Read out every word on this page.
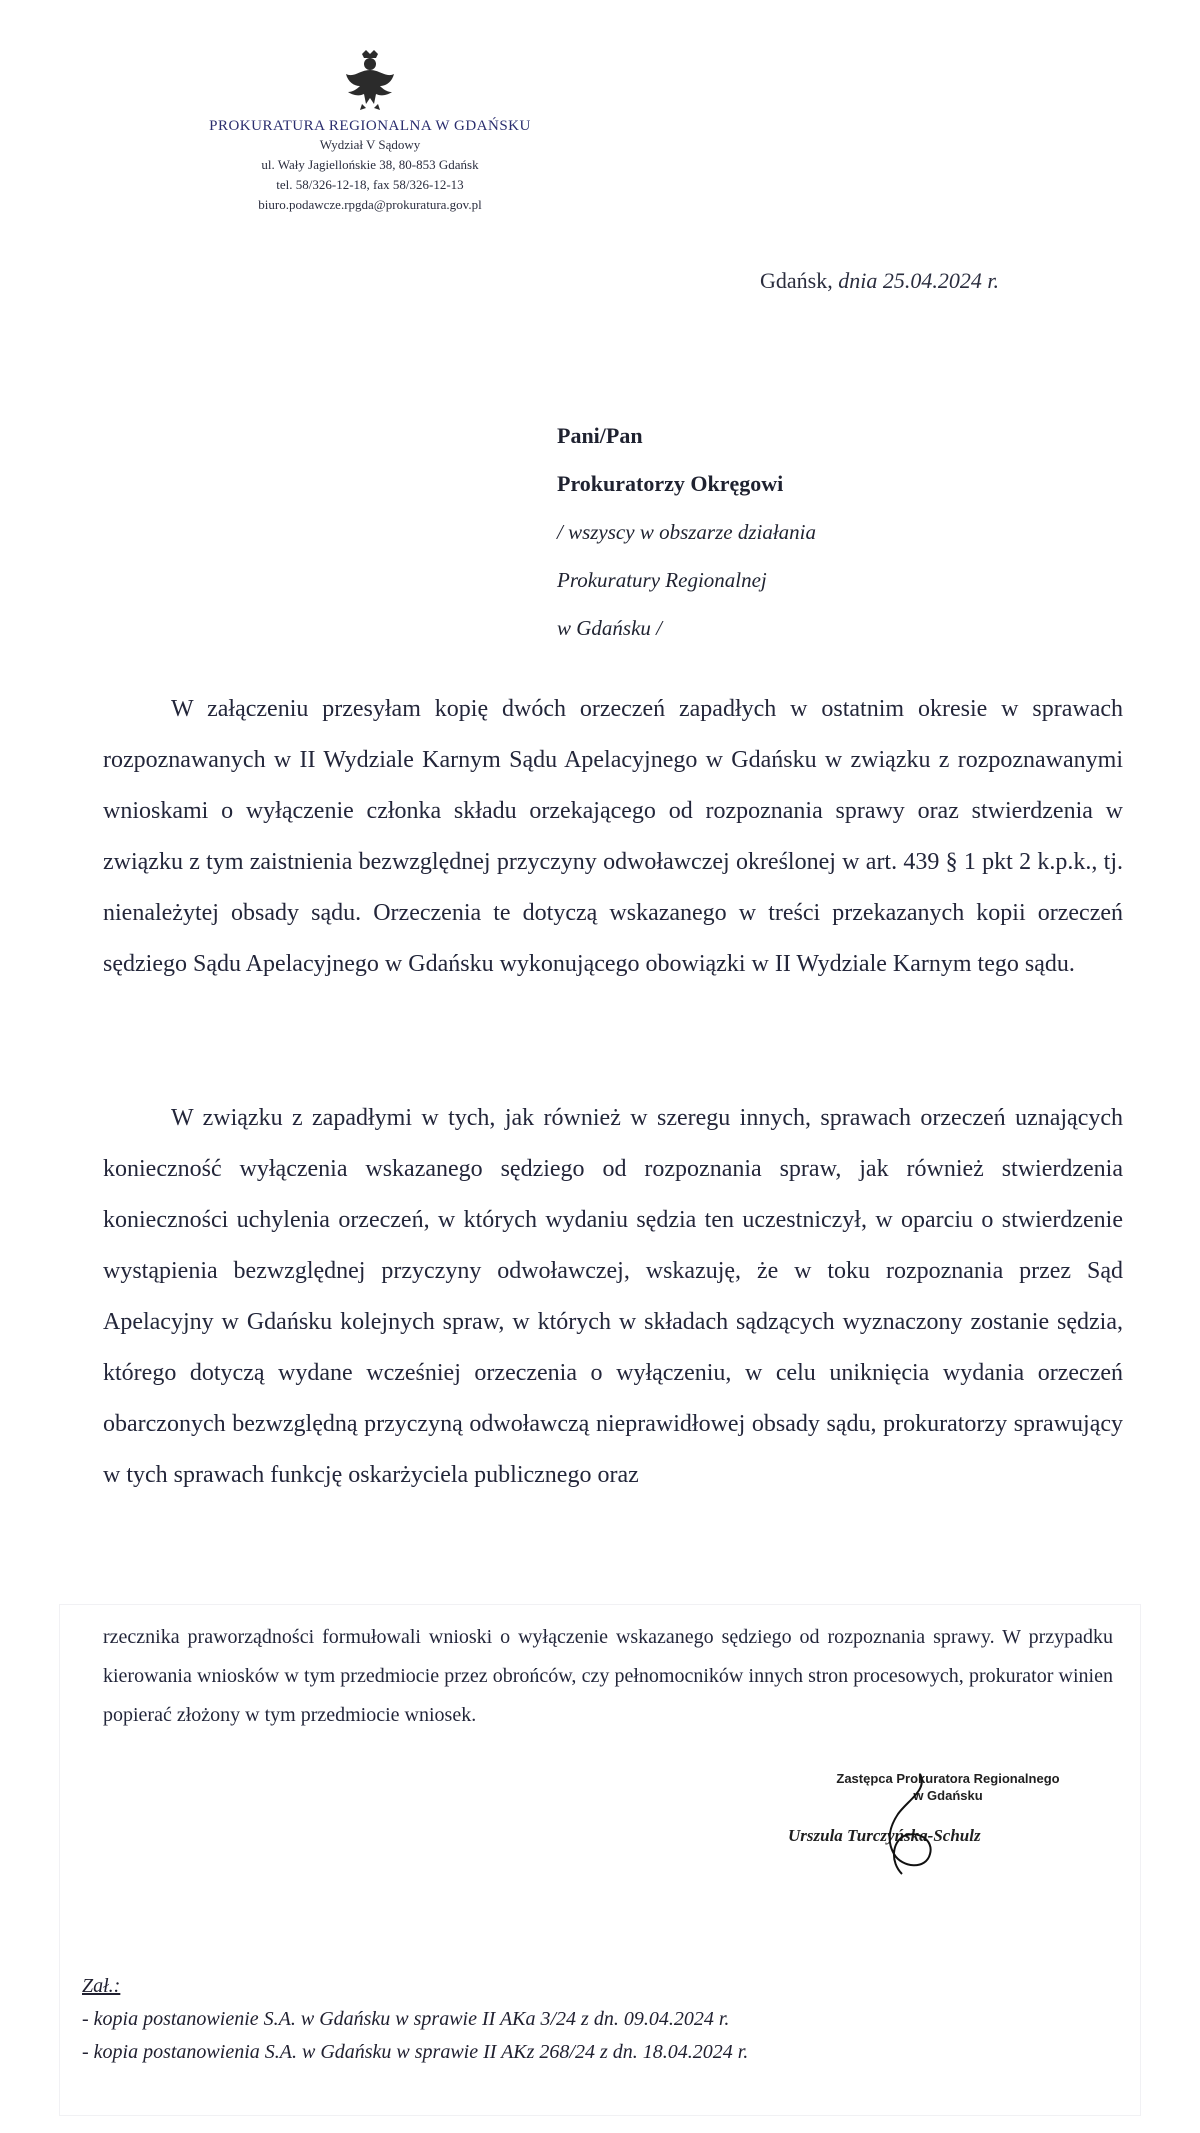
PROKURATURA REGIONALNA W GDAŃSKU
Wydział V Sądowy
ul. Wały Jagiellońskie 38, 80-853 Gdańsk
tel. 58/326-12-18, fax 58/326-12-13
biuro.podawcze.rpgda@prokuratura.gov.pl
Gdańsk, dnia 25.04.2024 r.
Pani/Pan
Prokuratorzy Okręgowi
/ wszyscy w obszarze działania
Prokuratury Regionalnej
w Gdańsku /

W załączeniu przesyłam kopię dwóch orzeczeń zapadłych w ostatnim okresie w sprawach rozpoznawanych w II Wydziale Karnym Sądu Apelacyjnego w Gdańsku w związku z rozpoznawanymi wnioskami o wyłączenie członka składu orzekającego od rozpoznania sprawy oraz stwierdzenia w związku z tym zaistnienia bezwzględnej przyczyny odwoławczej określonej w art. 439 § 1 pkt 2 k.p.k., tj. nienależytej obsady sądu. Orzeczenia te dotyczą wskazanego w treści przekazanych kopii orzeczeń sędziego Sądu Apelacyjnego w Gdańsku wykonującego obowiązki w II Wydziale Karnym tego sądu.

W związku z zapadłymi w tych, jak również w szeregu innych, sprawach orzeczeń uznających konieczność wyłączenia wskazanego sędziego od rozpoznania spraw, jak również stwierdzenia konieczności uchylenia orzeczeń, w których wydaniu sędzia ten uczestniczył, w oparciu o stwierdzenie wystąpienia bezwzględnej przyczyny odwoławczej, wskazuję, że w toku rozpoznania przez Sąd Apelacyjny w Gdańsku kolejnych spraw, w których w składach sądzących wyznaczony zostanie sędzia, którego dotyczą wydane wcześniej orzeczenia o wyłączeniu, w celu uniknięcia wydania orzeczeń obarczonych bezwzględną przyczyną odwoławczą nieprawidłowej obsady sądu, prokuratorzy sprawujący w tych sprawach funkcję oskarżyciela publicznego oraz

rzecznika praworządności formułowali wnioski o wyłączenie wskazanego sędziego od rozpoznania sprawy. W przypadku kierowania wniosków w tym przedmiocie przez obrońców, czy pełnomocników innych stron procesowych, prokurator winien popierać złożony w tym przedmiocie wniosek.

Zastępca Prokuratora Regionalnego
w Gdańsku
Urszula Turczyńska-Schulz
Zał.:
- kopia postanowienie S.A. w Gdańsku w sprawie II AKa 3/24 z dn. 09.04.2024 r.
- kopia postanowienia S.A. w Gdańsku w sprawie II AKz 268/24 z dn. 18.04.2024 r.
